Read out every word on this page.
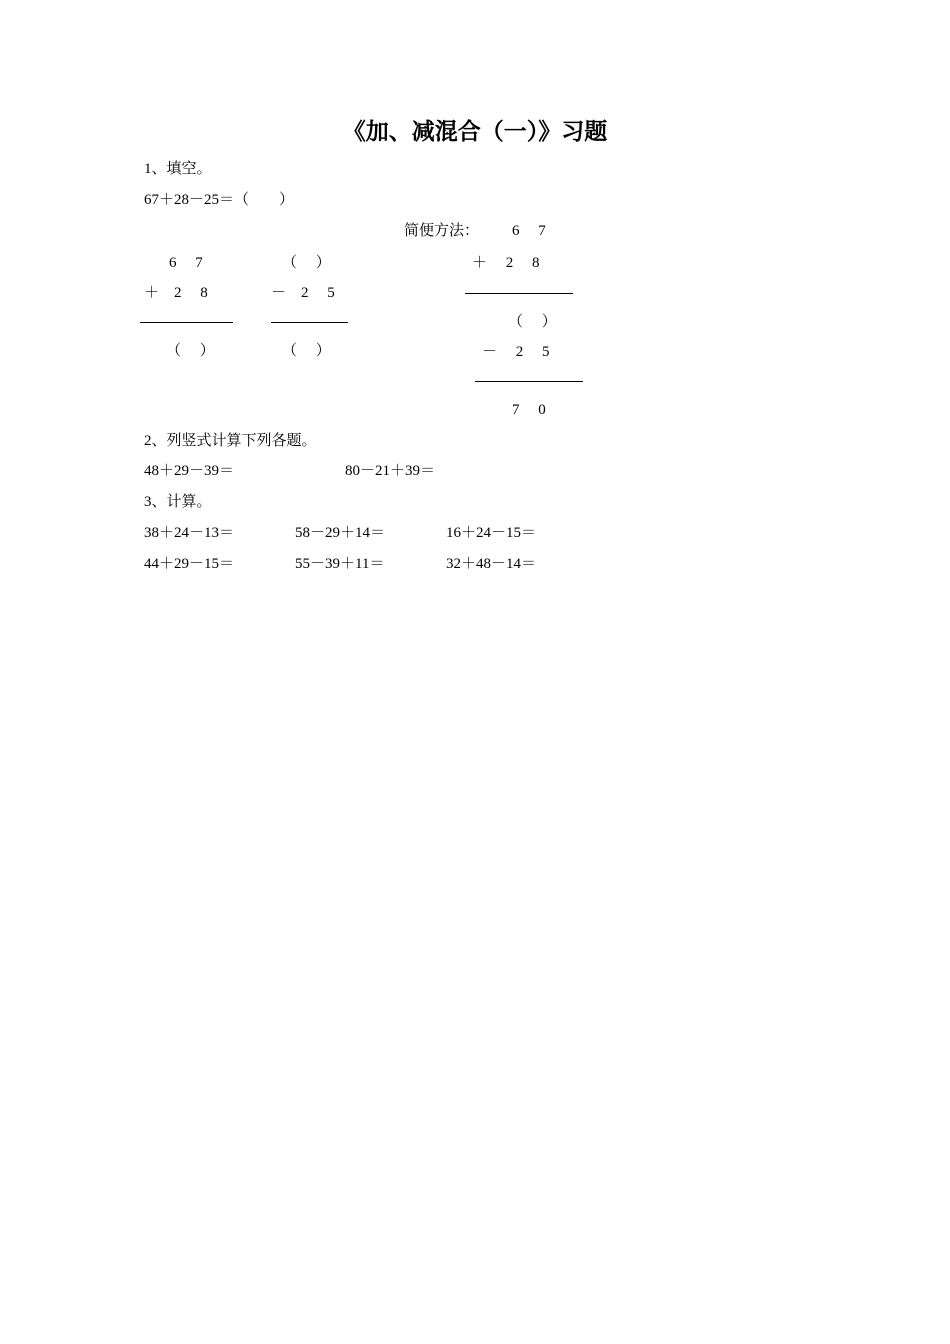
《加、减混合（一）》习题
1、填空。
67＋28－25＝（　　）
简便方法：
6　 7
＋　2　 8
（　 ）
（　 ）
－　2　 5
（　 ）
6　 7
＋　 2　 8
（　 ）
－　 2　 5
7　 0
2、列竖式计算下列各题。
48＋29－39＝	80－21＋39＝
3、计算。
38＋24－13＝	58－29＋14＝	16＋24－15＝
44＋29－15＝	55－39＋11＝	32＋48－14＝
